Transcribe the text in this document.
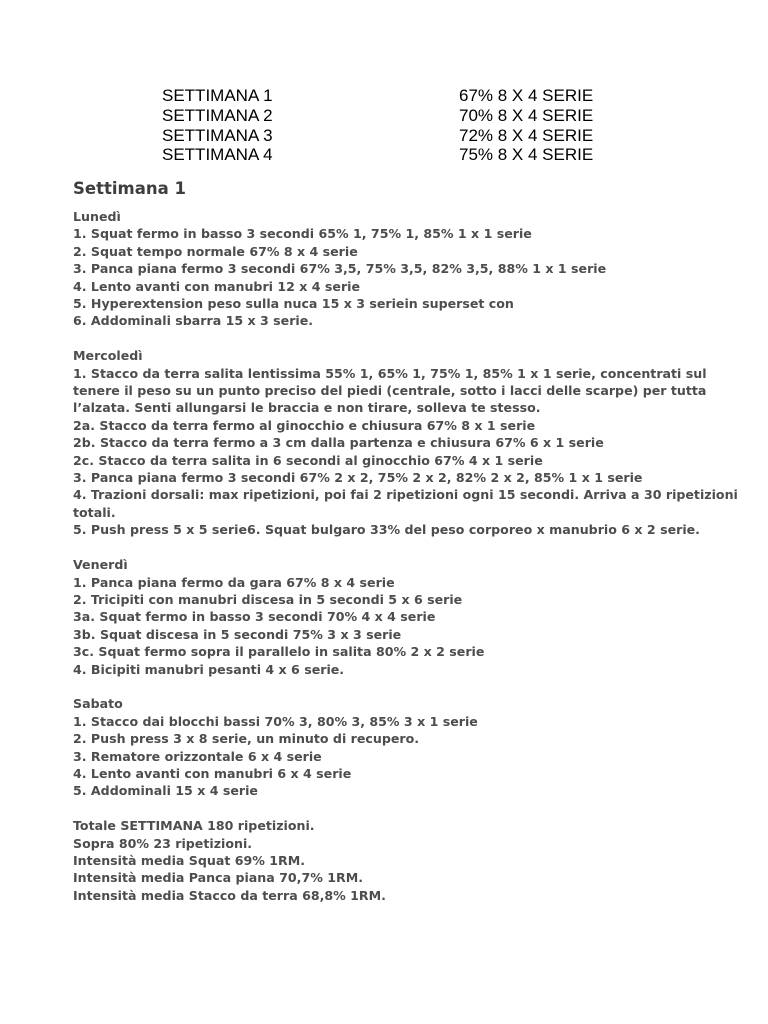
SETTIMANA 1	67% 8 X 4 SERIE
SETTIMANA 2	70% 8 X 4 SERIE
SETTIMANA 3	72% 8 X 4 SERIE
SETTIMANA 4	75% 8 X 4 SERIE
Settimana 1
Lunedì
1. Squat fermo in basso 3 secondi 65% 1, 75% 1, 85% 1 x 1 serie
2. Squat tempo normale 67% 8 x 4 serie
3. Panca piana fermo 3 secondi 67% 3,5, 75% 3,5, 82% 3,5, 88% 1 x 1 serie
4. Lento avanti con manubri 12 x 4 serie
5. Hyperextension peso sulla nuca 15 x 3 seriein superset con
6. Addominali sbarra 15 x 3 serie.
Mercoledì
1. Stacco da terra salita lentissima 55% 1, 65% 1, 75% 1, 85% 1 x 1 serie, concentrati sul
tenere il peso su un punto preciso del piedi (centrale, sotto i lacci delle scarpe) per tutta
l’alzata. Senti allungarsi le braccia e non tirare, solleva te stesso.
2a. Stacco da terra fermo al ginocchio e chiusura 67% 8 x 1 serie
2b. Stacco da terra fermo a 3 cm dalla partenza e chiusura 67% 6 x 1 serie
2c. Stacco da terra salita in 6 secondi al ginocchio 67% 4 x 1 serie
3. Panca piana fermo 3 secondi 67% 2 x 2, 75% 2 x 2, 82% 2 x 2, 85% 1 x 1 serie
4. Trazioni dorsali: max ripetizioni, poi fai 2 ripetizioni ogni 15 secondi. Arriva a 30 ripetizioni
totali.
5. Push press 5 x 5 serie6. Squat bulgaro 33% del peso corporeo x manubrio 6 x 2 serie.
Venerdì
1. Panca piana fermo da gara 67% 8 x 4 serie
2. Tricipiti con manubri discesa in 5 secondi 5 x 6 serie
3a. Squat fermo in basso 3 secondi 70% 4 x 4 serie
3b. Squat discesa in 5 secondi 75% 3 x 3 serie
3c. Squat fermo sopra il parallelo in salita 80% 2 x 2 serie
4. Bicipiti manubri pesanti 4 x 6 serie.
Sabato
1. Stacco dai blocchi bassi 70% 3, 80% 3, 85% 3 x 1 serie
2. Push press 3 x 8 serie, un minuto di recupero.
3. Rematore orizzontale 6 x 4 serie
4. Lento avanti con manubri 6 x 4 serie
5. Addominali 15 x 4 serie
Totale SETTIMANA 180 ripetizioni.
Sopra 80% 23 ripetizioni.
Intensità media Squat 69% 1RM.
Intensità media Panca piana 70,7% 1RM.
Intensità media Stacco da terra 68,8% 1RM.
